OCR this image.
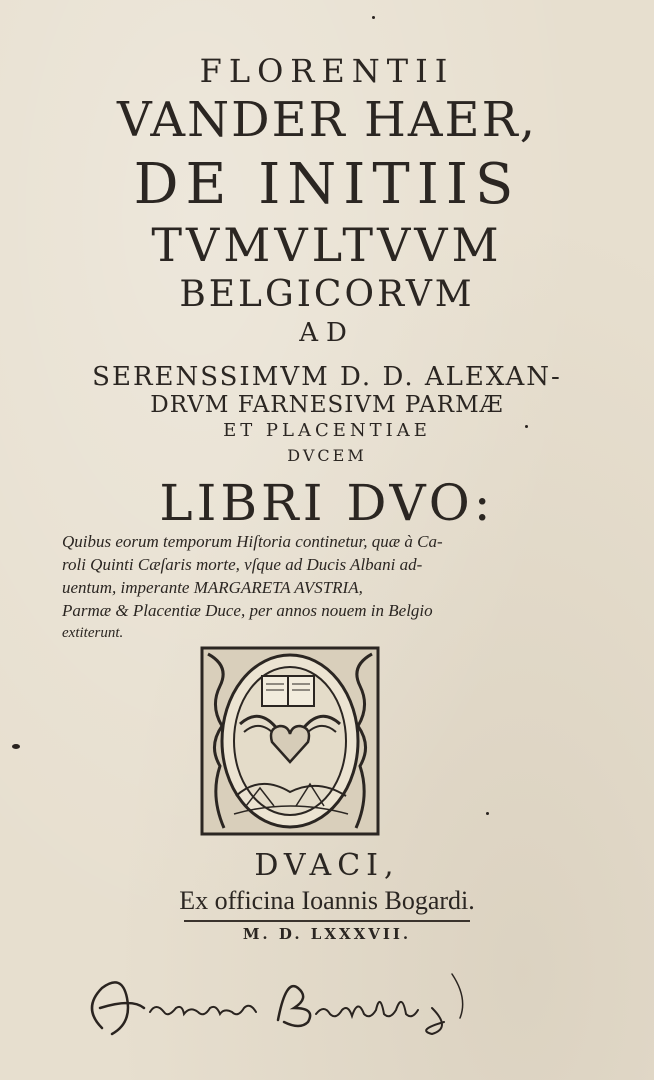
FLORENTII
VANDER HAER,
DE INITIIS
TVMVLTVVM
BELGICORVM
AD
SERENSSIMVM D. D. ALEXAN-
DRVM FARNESIVM PARMÆ
ET PLACENTIAE
DVCEM
LIBRI DVO:
Quibus eorum temporum Hiſtoria continetur, quæ à Ca-
roli Quinti Cæſaris morte, vſque ad Ducis Albani ad-
uentum, imperante MARGARETA AVSTRIA,
Parmæ & Placentiæ Duce, per annos nouem in Belgio
extiterunt.
DVACI,
Ex officina Ioannis Bogardi.
M. D. LXXXVII.
